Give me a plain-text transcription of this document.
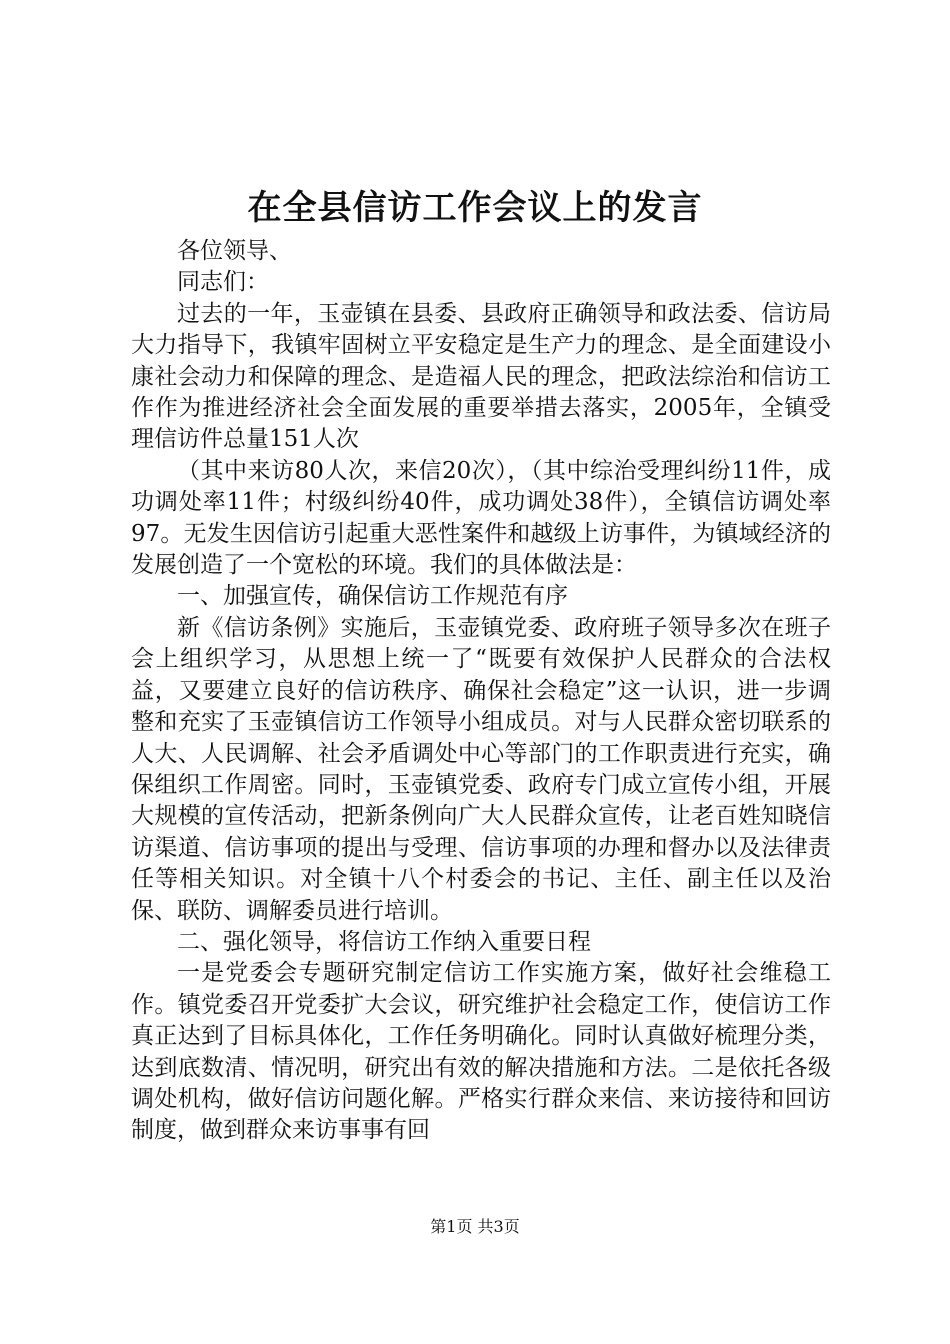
在全县信访工作会议上的发言

各位领导、

同志们：

过去的一年，玉壶镇在县委、县政府正确领导和政法委、信访局大力指导下，我镇牢固树立平安稳定是生产力的理念、是全面建设小康社会动力和保障的理念、是造福人民的理念，把政法综治和信访工作作为推进经济社会全面发展的重要举措去落实，2005年，全镇受理信访件总量151人次

（其中来访80人次，来信20次），（其中综治受理纠纷11件，成功调处率11件；村级纠纷40件，成功调处38件），全镇信访调处率97。无发生因信访引起重大恶性案件和越级上访事件，为镇域经济的发展创造了一个宽松的环境。我们的具体做法是：

一、加强宣传，确保信访工作规范有序

新《信访条例》实施后，玉壶镇党委、政府班子领导多次在班子会上组织学习，从思想上统一了“既要有效保护人民群众的合法权益，又要建立良好的信访秩序、确保社会稳定”这一认识，进一步调整和充实了玉壶镇信访工作领导小组成员。对与人民群众密切联系的人大、人民调解、社会矛盾调处中心等部门的工作职责进行充实，确保组织工作周密。同时，玉壶镇党委、政府专门成立宣传小组，开展大规模的宣传活动，把新条例向广大人民群众宣传，让老百姓知晓信访渠道、信访事项的提出与受理、信访事项的办理和督办以及法律责任等相关知识。对全镇十八个村委会的书记、主任、副主任以及治保、联防、调解委员进行培训。

二、强化领导，将信访工作纳入重要日程

一是党委会专题研究制定信访工作实施方案，做好社会维稳工作。镇党委召开党委扩大会议，研究维护社会稳定工作，使信访工作真正达到了目标具体化，工作任务明确化。同时认真做好梳理分类，达到底数清、情况明，研究出有效的解决措施和方法。二是依托各级调处机构，做好信访问题化解。严格实行群众来信、来访接待和回访制度，做到群众来访事事有回

第1页 共3页
